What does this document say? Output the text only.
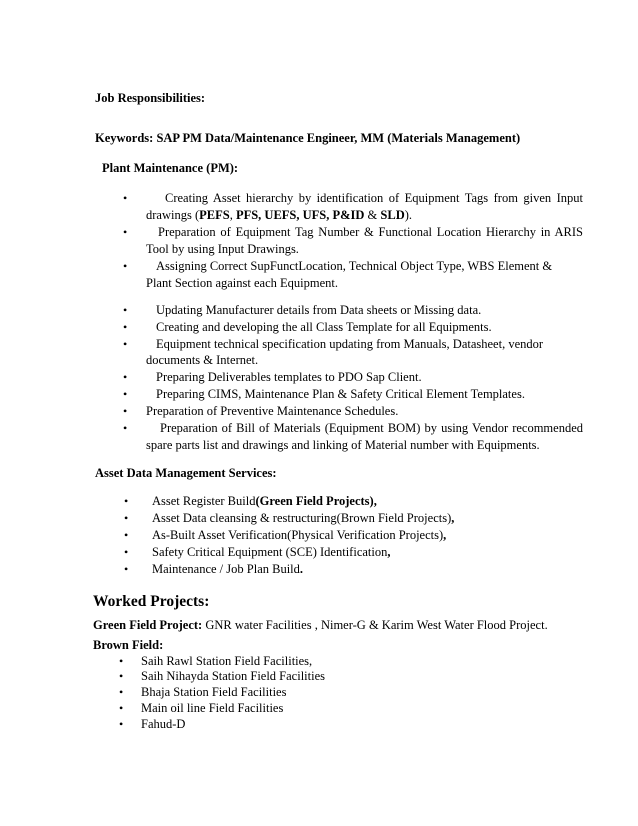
Job Responsibilities:
Keywords: SAP PM Data/Maintenance Engineer, MM (Materials Management)
Plant Maintenance (PM):
•	Creating Asset hierarchy by identification of Equipment Tags from given Input
drawings (PEFS, PFS, UEFS, UFS, P&ID & SLD).
• Preparation of Equipment Tag Number & Functional Location Hierarchy in ARIS
Tool by using Input Drawings.
• Assigning Correct SupFunctLocation, Technical Object Type, WBS Element &
Plant Section against each Equipment.
• Updating Manufacturer details from Data sheets or Missing data.
• Creating and developing the all Class Template for all Equipments.
• Equipment technical specification updating from Manuals, Datasheet, vendor
documents & Internet.
• Preparing Deliverables templates to PDO Sap Client.
• Preparing CIMS, Maintenance Plan & Safety Critical Element Templates.
• Preparation of Preventive Maintenance Schedules.
•	Preparation of Bill of Materials (Equipment BOM) by using Vendor recommended
spare parts list and drawings and linking of Material number with Equipments.
Asset Data Management Services:
• Asset Register Build(Green Field Projects),
• Asset Data cleansing & restructuring(Brown Field Projects),
• As-Built Asset Verification(Physical Verification Projects),
• Safety Critical Equipment (SCE) Identification,
• Maintenance / Job Plan Build.
Worked Projects:
Green Field Project: GNR water Facilities , Nimer-G & Karim West Water Flood Project.
Brown Field:
• Saih Rawl Station Field Facilities,
• Saih Nihayda Station Field Facilities
• Bhaja Station Field Facilities
• Main oil line Field Facilities
• Fahud-D
